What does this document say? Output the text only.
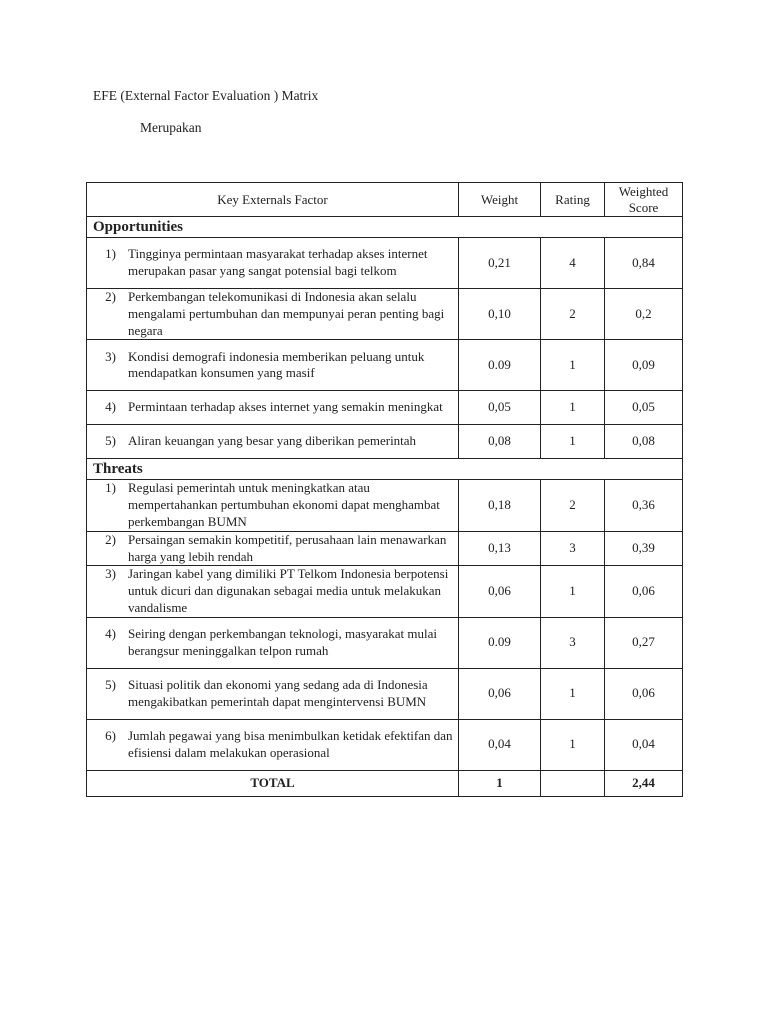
EFE (External Factor Evaluation ) Matrix
Merupakan
Key Externals Factor	Weight	Rating	Weighted
Score
Opportunities			

1) Tingginya permintaan masyarakat terhadap akses internet merupakan pasar yang sangat potensial bagi telkom	0,21	4	0,84

2) Perkembangan telekomunikasi di Indonesia akan selalu mengalami pertumbuhan dan mempunyai peran penting bagi negara	0,10	2	0,2

3) Kondisi demografi indonesia memberikan peluang untuk mendapatkan konsumen yang masif	0.09	1	0,09

4) Permintaan terhadap akses internet yang semakin meningkat	0,05	1	0,05

5) Aliran keuangan yang besar yang diberikan pemerintah	0,08	1	0,08
Threats			

1) Regulasi pemerintah untuk meningkatkan atau mempertahankan pertumbuhan ekonomi dapat menghambat perkembangan BUMN	0,18	2	0,36

2) Persaingan semakin kompetitif, perusahaan lain menawarkan harga yang lebih rendah	0,13	3	0,39

3) Jaringan kabel yang dimiliki PT Telkom Indonesia berpotensi untuk dicuri dan digunakan sebagai media untuk melakukan vandalisme	0,06	1	0,06

4) Seiring dengan perkembangan teknologi, masyarakat mulai berangsur meninggalkan telpon rumah	0.09	3	0,27

5) Situasi politik dan ekonomi yang sedang ada di Indonesia mengakibatkan pemerintah dapat mengintervensi BUMN	0,06	1	0,06

6) Jumlah pegawai yang bisa menimbulkan ketidak efektifan dan efisiensi dalam melakukan operasional	0,04	1	0,04
TOTAL	1		2,44
